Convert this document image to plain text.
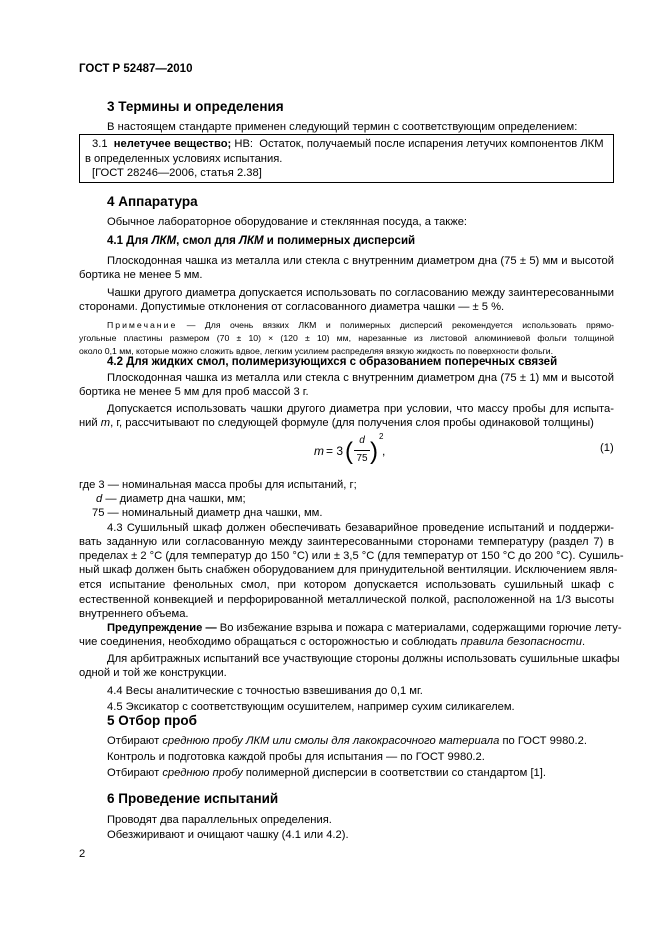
ГОСТ Р 52487—2010
3 Термины и определения
В настоящем стандарте применен следующий термин с соответствующим определением:
3.1 нелетучее вещество; НВ: Остаток, получаемый после испарения летучих компонентов ЛКМ
в определенных условиях испытания.
[ГОСТ 28246—2006, статья 2.38]
4 Аппаратура
Обычное лабораторное оборудование и стеклянная посуда, а также:
4.1 Для ЛКМ, смол для ЛКМ и полимерных дисперсий
Плоскодонная чашка из металла или стекла с внутренним диаметром дна (75 ± 5) мм и высотой
бортика не менее 5 мм.
Чашки другого диаметра допускается использовать по согласованию между заинтересованными
сторонами. Допустимые отклонения от согласованного диаметра чашки — ± 5 %.
Примечание — Для очень вязких ЛКМ и полимерных дисперсий рекомендуется использовать прямо-
угольные пластины размером (70 ± 10) × (120 ± 10) мм, нарезанные из листовой алюминиевой фольги толщиной
около 0,1 мм, которые можно сложить вдвое, легким усилием распределяя вязкую жидкость по поверхности фольги.
4.2 Для жидких смол, полимеризующихся с образованием поперечных связей
Плоскодонная чашка из металла или стекла с внутренним диаметром дна (75 ± 1) мм и высотой
бортика не менее 5 мм для проб массой 3 г.
Допускается использовать чашки другого диаметра при условии, что массу пробы для испыта-
ний m, г, рассчитывают по следующей формуле (для получения слоя пробы одинаковой толщины)
m = 3 ( d
75 )
2
,	(1)
где 3 — номинальная масса пробы для испытаний, г;
d — диаметр дна чашки, мм;
75 — номинальный диаметр дна чашки, мм.
4.3 Сушильный шкаф должен обеспечивать безаварийное проведение испытаний и поддержи-
вать заданную или согласованную между заинтересованными сторонами температуру (раздел 7) в
пределах ± 2 °С (для температур до 150 °С) или ± 3,5 °С (для температур от 150 °С до 200 °С). Сушиль-
ный шкаф должен быть снабжен оборудованием для принудительной вентиляции. Исключением явля-
ется испытание фенольных смол, при котором допускается использовать сушильный шкаф с
естественной конвекцией и перфорированной металлической полкой, расположенной на 1/3 высоты
внутреннего объема.
Предупреждение — Во избежание взрыва и пожара с материалами, содержащими горючие лету-
чие соединения, необходимо обращаться с осторожностью и соблюдать правила безопасности.
Для арбитражных испытаний все участвующие стороны должны использовать сушильные шкафы
одной и той же конструкции.
4.4 Весы аналитические с точностью взвешивания до 0,1 мг.
4.5 Эксикатор с соответствующим осушителем, например сухим силикагелем.
5 Отбор проб
Отбирают среднюю пробу ЛКМ или смолы для лакокрасочного материала по ГОСТ 9980.2.
Контроль и подготовка каждой пробы для испытания — по ГОСТ 9980.2.
Отбирают среднюю пробу полимерной дисперсии в соответствии со стандартом [1].
6 Проведение испытаний
Проводят два параллельных определения.
Обезжиривают и очищают чашку (4.1 или 4.2).
2
